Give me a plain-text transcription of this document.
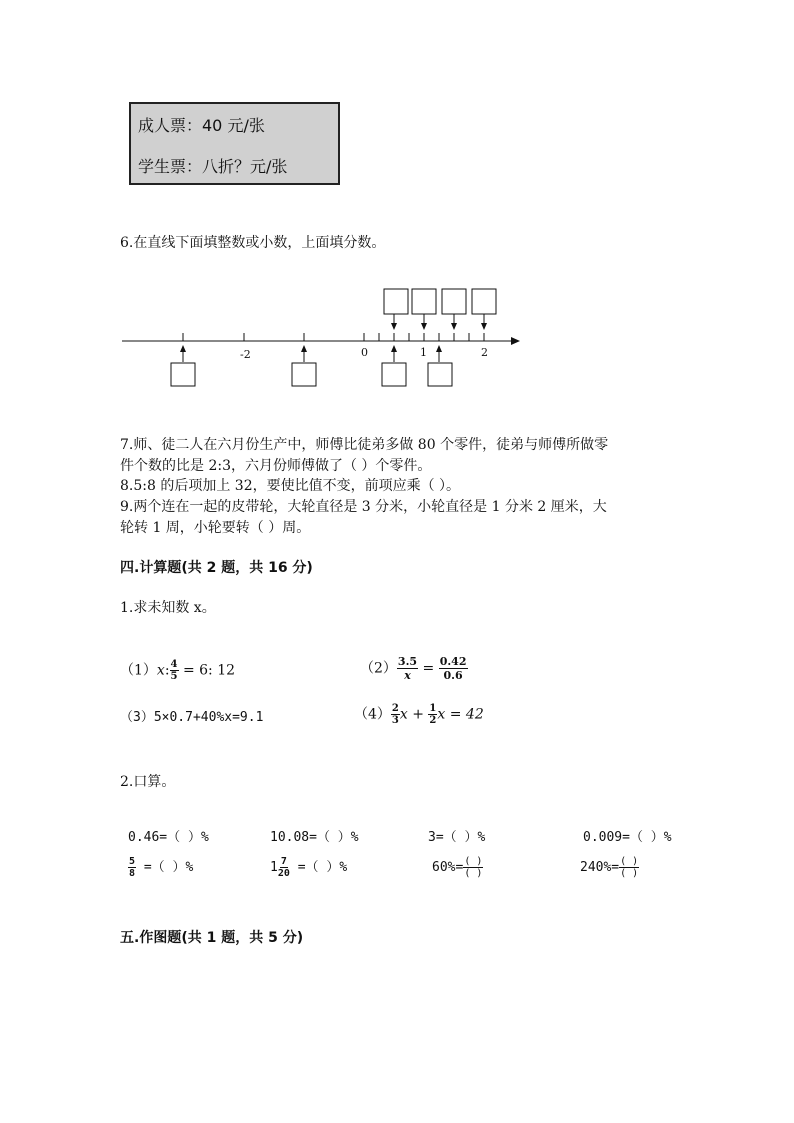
成人票：40 元/张
学生票：八折？元/张
6.在直线下面填整数或小数，上面填分数。
-2	0	1	2
7.师、徒二人在六月份生产中，师傅比徒弟多做 80 个零件，徒弟与师傅所做零
件个数的比是 2:3，六月份师傅做了（ ）个零件。
8.5:8 的后项加上 32，要使比值不变，前项应乘（ ）。
9.两个连在一起的皮带轮，大轮直径是 3 分米，小轮直径是 1 分米 2 厘米，大
轮转 1 周，小轮要转（ ）周。
四.计算题(共 2 题，共 16 分)
1.求未知数 x。
（1）x: $\frac{4}{5} = 6$: 12	$(2) \frac{3.5}{x} = \frac{0.42}{0.6}$
（3）5×0.7+40%x=9.1	$(4) \frac{2}{3}$ $x + \frac{1}{2}$ x = 42
2.口算。
0.46=（ ）%	10.08=（ ）%	3=（ ）%	0.009=（ ）%
$\frac{5}{8}$ =（ ）%	$1 \frac{7}{20}$ =（ ）%	$60\%= \frac{( )}{( )}$	$240\%= \frac{( )}{( )}$
五.作图题(共 1 题，共 5 分)
